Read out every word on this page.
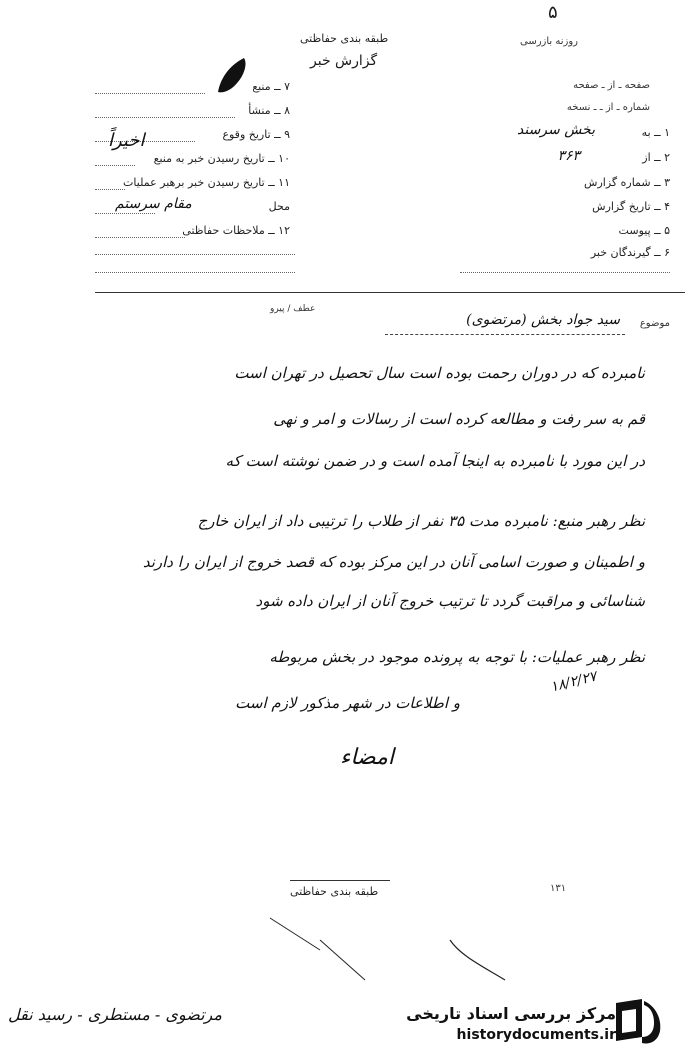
۵
طبقه بندی حفاظتی
گزارش خبر
روزنه بازرسی
۷ ــ منبع
۸ ــ منشأ
۹ ــ تاریخ وقوع
۱۰ ــ تاریخ رسیدن خبر به منبع
۱۱ ــ تاریخ رسیدن خبر برهبر عملیات
محل
۱۲ ــ ملاحظات حفاظتی
صفحه ـ از ـ صفحه
شماره ـ از ـ ـ نسخه
۱ ــ به
۲ ــ از
۳ ــ شماره گزارش
۴ ــ تاریخ گزارش
۵ ــ پیوست
۶ ــ گیرندگان خبر
بخش سرسند
۳۶۳
اخیراً
مقام سرستم
موضوع
سید جواد بخش (مرتضوی)
عطف / پیرو
نامبرده که در دوران رحمت بوده است سال تحصیل در تهران است
قم به سر رفت و مطالعه کرده است از رسالات و امر و نهی
در این مورد با نامبرده به اینجا آمده است و در ضمن نوشته است که
نظر رهبر منبع: نامبرده مدت ۳۵ نفر از طلاب را ترتیبی داد از ایران خارج
و اطمینان و صورت اسامی آنان در این مرکز بوده که قصد خروج از ایران را دارند
شناسائی و مراقبت گردد تا ترتیب خروج آنان از ایران داده شود
نظر رهبر عملیات: با توجه به پرونده موجود در بخش مربوطه
و اطلاعات در شهر مذکور لازم است
۱۸/۲/۲۷
امضاء
طبقه بندی حفاظتی	۱۳۱
مرتضوی - مستطری - رسید نقل	مرکز بررسی اسناد تاریخی
historydocuments.ir
